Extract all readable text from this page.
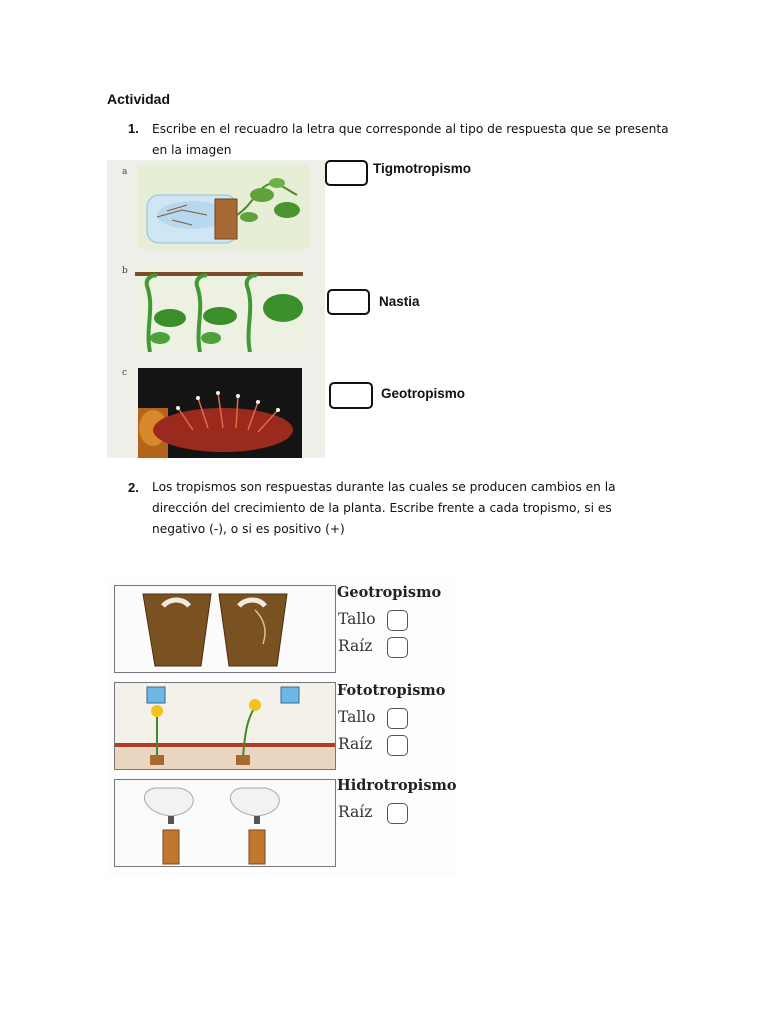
Actividad
1. Escribe en el recuadro la letra que corresponde al tipo de respuesta que se presenta
en la imagen
a
b
c
Tigmotropismo
Nastia
Geotropismo
2. Los tropismos son respuestas durante las cuales se producen cambios en la
dirección del crecimiento de la planta. Escribe frente a cada tropismo, si es
negativo (-), o si es positivo (+)
Geotropismo
Tallo
Raíz
Fototropismo
Tallo
Raíz
Hidrotropismo
Raíz
